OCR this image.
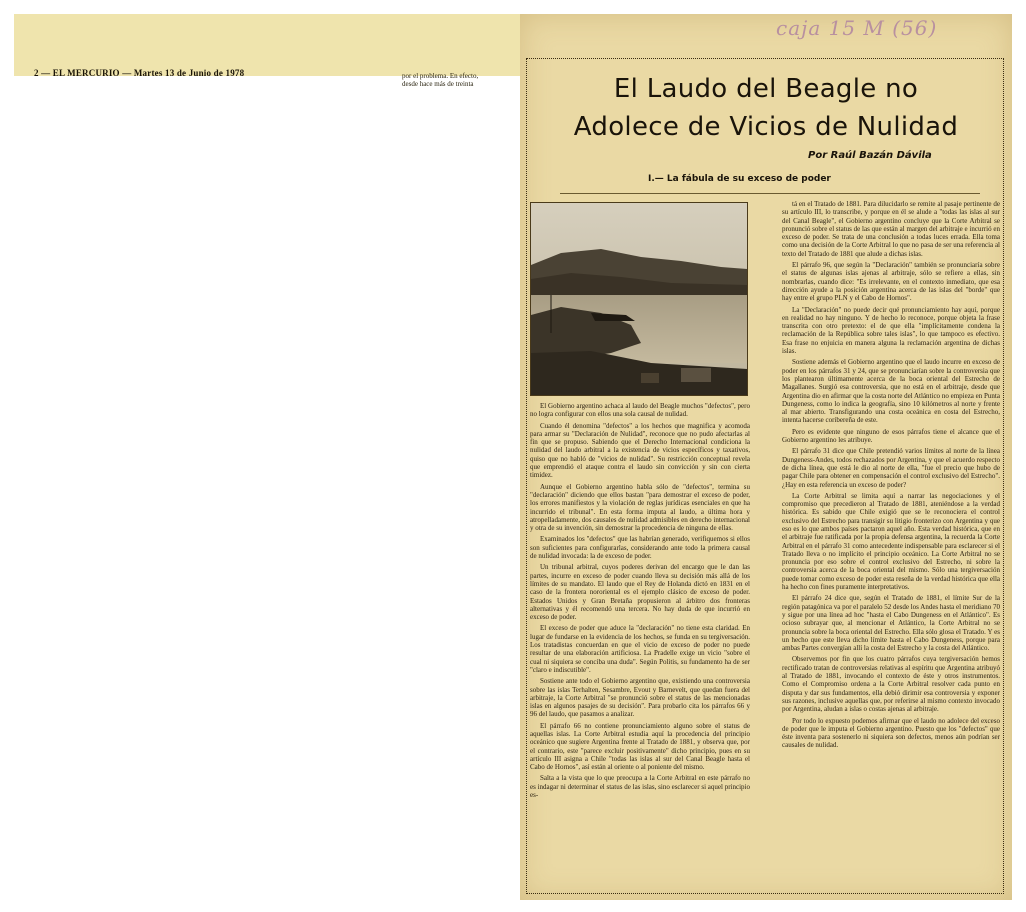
2 — EL MERCURIO — Martes 13 de Junio de 1978	por el problema. En efecto,
desde hace más de treinta
caja 15 M (56)
El Laudo del Beagle no
Adolece de Vicios de Nulidad
Por Raúl Bazán Dávila
I.— La fábula de su exceso de poder

El Gobierno argentino achaca al laudo del Beagle muchos "defectos", pero no logra configurar con ellos una sola causal de nulidad.

Cuando él denomina "defectos" a los hechos que magnifica y acomoda para armar su "Declaración de Nulidad", reconoce que no pudo afectarlas al fin que se propuso. Sabiendo que el Derecho Internacional condiciona la nulidad del laudo arbitral a la existencia de vicios específicos y taxativos, quiso que no habló de "vicios de nulidad". Su restricción conceptual revela que emprendió el ataque contra el laudo sin convicción y sin con cierta timidez.

Aunque el Gobierno argentino habla sólo de "defectos", termina su "declaración" diciendo que ellos bastan "para demostrar el exceso de poder, los errores manifiestos y la violación de reglas jurídicas esenciales en que ha incurrido el tribunal". En esta forma imputa al laudo, a última hora y atropelladamente, dos causales de nulidad admisibles en derecho internacional y otra de su invención, sin demostrar la procedencia de ninguna de ellas.

Examinados los "defectos" que las habrían generado, verifiquemos si ellos son suficientes para configurarlas, considerando ante todo la primera causal de nulidad invocada: la de exceso de poder.

Un tribunal arbitral, cuyos poderes derivan del encargo que le dan las partes, incurre en exceso de poder cuando lleva su decisión más allá de los límites de su mandato. El laudo que el Rey de Holanda dictó en 1831 en el caso de la frontera nororiental es el ejemplo clásico de exceso de poder. Estados Unidos y Gran Bretaña propusieron al árbitro dos fronteras alternativas y él recomendó una tercera. No hay duda de que incurrió en exceso de poder.

El exceso de poder que aduce la "declaración" no tiene esta claridad. En lugar de fundarse en la evidencia de los hechos, se funda en su tergiversación. Los tratadistas concuerdan en que el vicio de exceso de poder no puede resultar de una elaboración artificiosa. La Pradelle exige un vicio "sobre el cual ni siquiera se conciba una duda". Según Politis, su fundamento ha de ser "claro e indiscutible".

Sostiene ante todo el Gobierno argentino que, existiendo una controversia sobre las islas Terhalten, Sesambre, Evout y Barnevelt, que quedan fuera del arbitraje, la Corte Arbitral "se pronunció sobre el status de las mencionadas islas en algunos pasajes de su decisión". Para probarlo cita los párrafos 66 y 96 del laudo, que pasamos a analizar.

El párrafo 66 no contiene pronunciamiento alguno sobre el status de aquellas islas. La Corte Arbitral estudia aquí la procedencia del principio oceánico que sugiere Argentina frente al Tratado de 1881, y observa que, por el contrario, este "parece excluir positivamente" dicho principio, pues en su artículo III asigna a Chile "todas las islas al sur del Canal Beagle hasta el Cabo de Hornos", así están al oriente o al poniente del mismo.

Salta a la vista que lo que preocupa a la Corte Arbitral en este párrafo no es indagar ni determinar el status de las islas, sino esclarecer si aquel principio es-

tá en el Tratado de 1881. Para dilucidarlo se remite al pasaje pertinente de su artículo III, lo transcribe, y porque en él se alude a "todas las islas al sur del Canal Beagle", el Gobierno argentino concluye que la Corte Arbitral se pronunció sobre el status de las que están al margen del arbitraje e incurrió en exceso de poder. Se trata de una conclusión a todas luces errada. Ella toma como una decisión de la Corte Arbitral lo que no pasa de ser una referencia al texto del Tratado de 1881 que alude a dichas islas.

El párrafo 96, que según la "Declaración" también se pronunciaría sobre el status de algunas islas ajenas al arbitraje, sólo se refiere a ellas, sin nombrarlas, cuando dice: "Es irrelevante, en el contexto inmediato, que esa dirección ayude a la posición argentina acerca de las islas del "borde" que hay entre el grupo PLN y el Cabo de Hornos".

La "Declaración" no puede decir qué pronunciamiento hay aquí, porque en realidad no hay ninguno. Y de hecho lo reconoce, porque objeta la frase transcrita con otro pretexto: el de que ella "implícitamente condena la reclamación de la República sobre tales islas", lo que tampoco es efectivo. Esa frase no enjuicia en manera alguna la reclamación argentina de dichas islas.

Sostiene además el Gobierno argentino que el laudo incurre en exceso de poder en los párrafos 31 y 24, que se pronunciarían sobre la controversia que los plantearon últimamente acerca de la boca oriental del Estrecho de Magallanes. Surgió esa controversia, que no está en el arbitraje, desde que Argentina dio en afirmar que la costa norte del Atlántico no empieza en Punta Dungeness, como lo indica la geografía, sino 10 kilómetros al norte y frente al mar abierto. Transfigurando una costa oceánica en costa del Estrecho, intenta hacerse coribereña de este.

Pero es evidente que ninguno de esos párrafos tiene el alcance que el Gobierno argentino les atribuye.

El párrafo 31 dice que Chile pretendió varios límites al norte de la línea Dungeness-Andes, todos rechazados por Argentina, y que el acuerdo respecto de dicha línea, que está le dio al norte de ella, "fue el precio que hubo de pagar Chile para obtener en compensación el control exclusivo del Estrecho". ¿Hay en esta referencia un exceso de poder?

La Corte Arbitral se limita aquí a narrar las negociaciones y el compromiso que precedieron al Tratado de 1881, ateniéndose a la verdad histórica. Es sabido que Chile exigió que se le reconociera el control exclusivo del Estrecho para transigir su litigio fronterizo con Argentina y que eso es lo que ambos países pactaron aquel año. Esta verdad histórica, que en el arbitraje fue ratificada por la propia defensa argentina, la recuerda la Corte Arbitral en el párrafo 31 como antecedente indispensable para esclarecer si el Tratado lleva o no implícito el principio oceánico. La Corte Arbitral no se pronuncia por eso sobre el control exclusivo del Estrecho, ni sobre la controversia acerca de la boca oriental del mismo. Sólo una tergiversación puede tomar como exceso de poder esta reseña de la verdad histórica que ella ha hecho con fines puramente interpretativos.

El párrafo 24 dice que, según el Tratado de 1881, el límite Sur de la región patagónica va por el paralelo 52 desde los Andes hasta el meridiano 70 y sigue por una línea ad hoc "hasta el Cabo Dungeness en el Atlántico". Es ocioso subrayar que, al mencionar el Atlántico, la Corte Arbitral no se pronuncia sobre la boca oriental del Estrecho. Ella sólo glosa el Tratado. Y es un hecho que este lleva dicho límite hasta el Cabo Dungeness, porque para ambas Partes convergían allí la costa del Estrecho y la costa del Atlántico.

Observemos por fin que los cuatro párrafos cuya tergiversación hemos rectificado tratan de controversias relativas al espíritu que Argentina atribuyó al Tratado de 1881, invocando el contexto de éste y otros instrumentos. Como el Compromiso ordena a la Corte Arbitral resolver cada punto en disputa y dar sus fundamentos, ella debió dirimir esa controversia y exponer sus razones, inclusive aquellas que, por referirse al mismo contexto invocado por Argentina, aludan a islas o costas ajenas al arbitraje.

Por todo lo expuesto podemos afirmar que el laudo no adolece del exceso de poder que le imputa el Gobierno argentino. Puesto que los "defectos" que éste inventa para sostenerlo ni siquiera son defectos, menos aún podrían ser causales de nulidad.
